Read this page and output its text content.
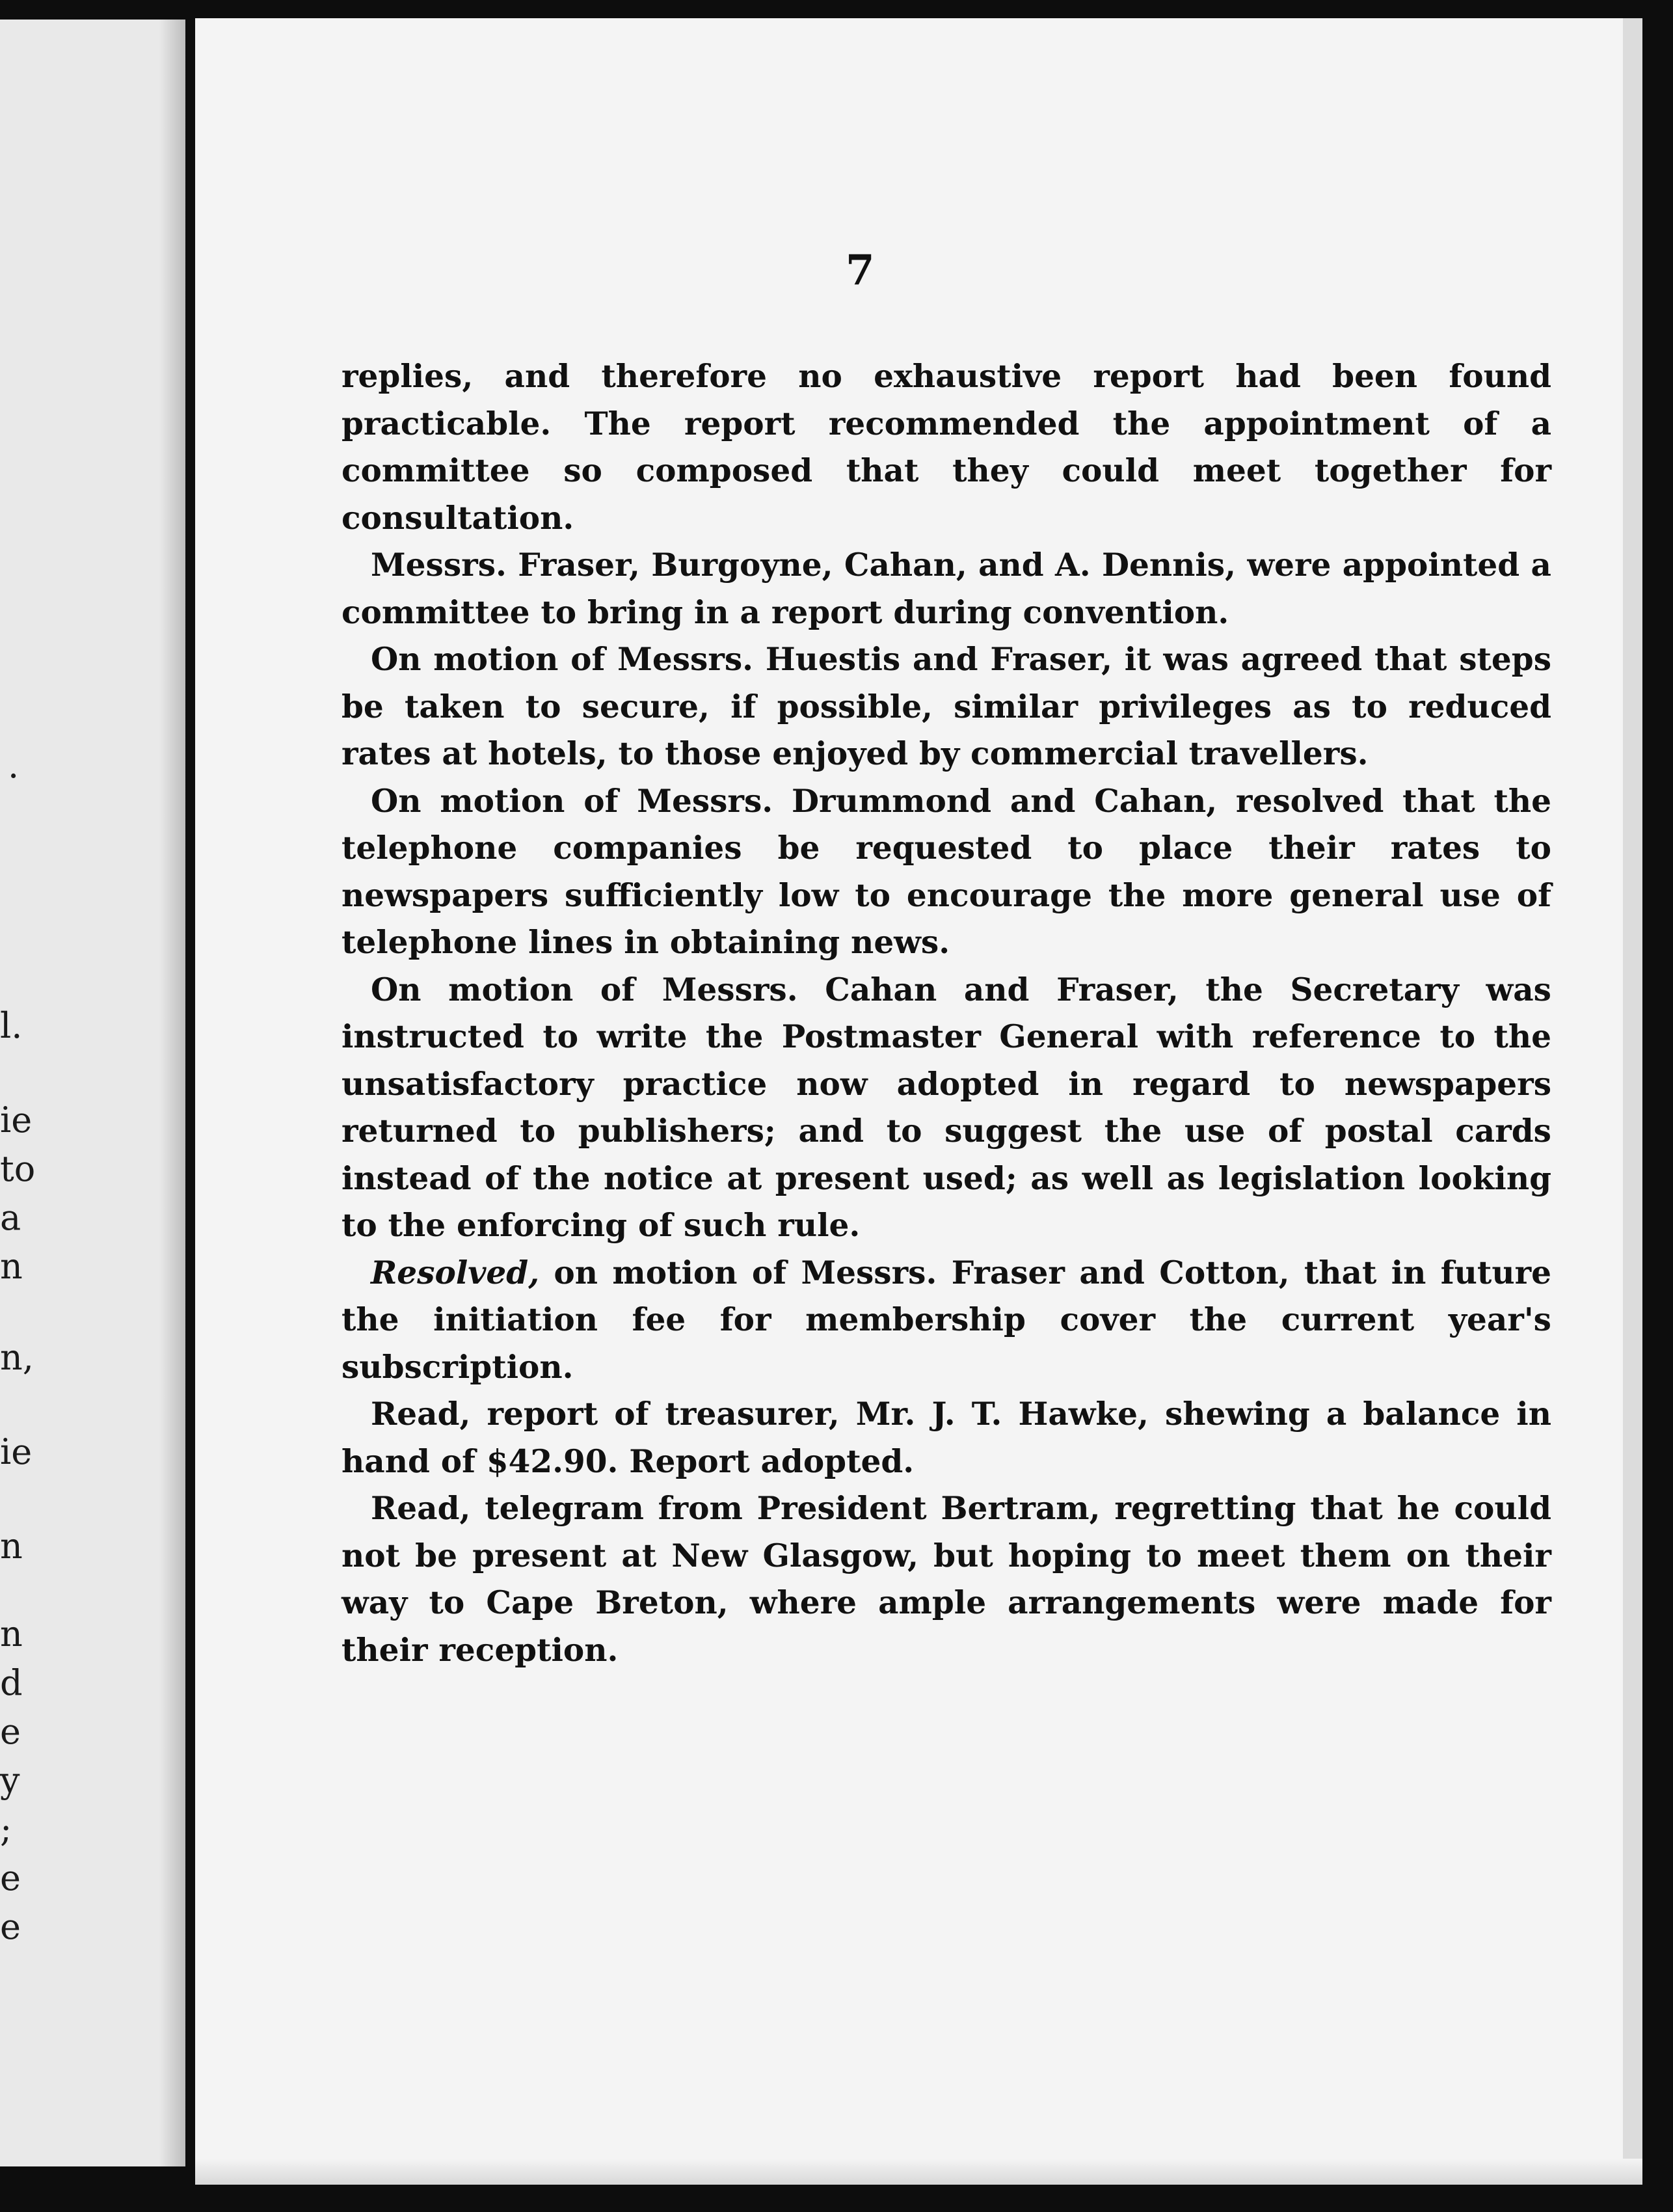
.
l.
ie
to
a
n
n,
ie
n
n
d
e
y
;
e
e
7

replies, and therefore no exhaustive report had been found practicable. The report recommended the appointment of a committee so composed that they could meet together for consultation.

Messrs. Fraser, Burgoyne, Cahan, and A. Dennis, were appointed a committee to bring in a report during convention.

On motion of Messrs. Huestis and Fraser, it was agreed that steps be taken to secure, if possible, similar privileges as to reduced rates at hotels, to those enjoyed by commercial travellers.

On motion of Messrs. Drummond and Cahan, resolved that the telephone companies be requested to place their rates to newspapers sufficiently low to encourage the more general use of telephone lines in obtaining news.

On motion of Messrs. Cahan and Fraser, the Secretary was instructed to write the Postmaster General with reference to the unsatisfactory practice now adopted in regard to newspapers returned to publishers; and to suggest the use of postal cards instead of the notice at present used; as well as legislation looking to the enforcing of such rule.

Resolved, on motion of Messrs. Fraser and Cotton, that in future the initiation fee for membership cover the current year's subscription.

Read, report of treasurer, Mr. J. T. Hawke, shewing a balance in hand of $42.90. Report adopted.

Read, telegram from President Bertram, regretting that he could not be present at New Glasgow, but hoping to meet them on their way to Cape Breton, where ample arrangements were made for their reception.
